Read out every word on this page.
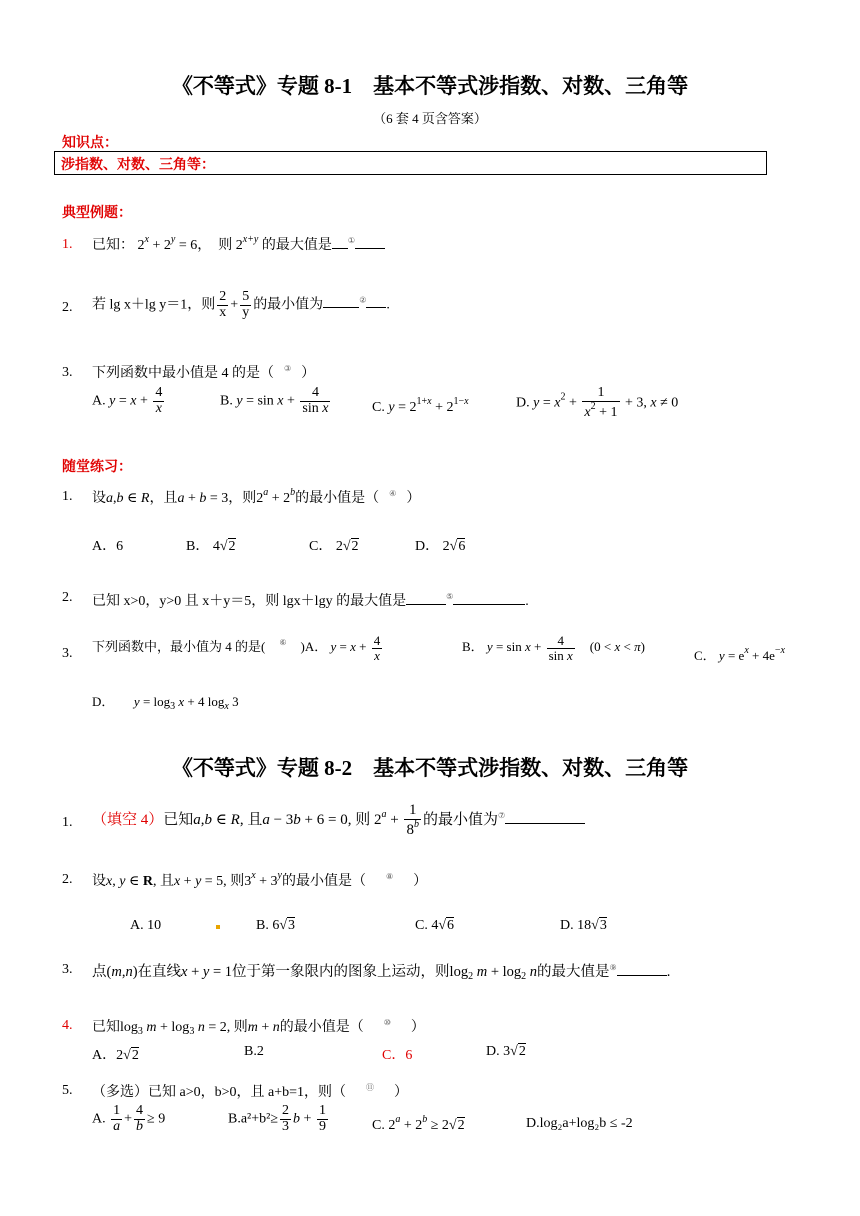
《不等式》专题 8-1　基本不等式涉指数、对数、三角等
（6 套 4 页含答案）
知识点：
涉指数、对数、三角等：
典型例题：
1. 已知： $2^x + 2^y = 6$，　则 $2^{x+y}$ 的最大值是 ①
2. 若 lg x＋lg y＝1，则 $\frac{2}{x} + \frac{5}{y}$ 的最小值为	② .
3. 下列函数中最小值是 4 的是（ ③ ）
A. $y = x + \frac{4}{x}$	B. $y = \sin x + \frac{4}{\text{sin x}}$	C. $y = 2^{1+x} + 2^{1-x}$	D. $y = x^2 + \frac{1}{x^2 + 1} + 3$, x ≠ 0
随堂练习：
1. 设a,b ∈ R，且a + b = 3，则$2^a + 2^b$的最小值是（ ④ ）
A．6	B． 4√2	C． 2√2	D． 2√6
2. 已知 x>0，y>0 且 x＋y＝5，则 lgx＋lgy 的最大值是	⑤	.
3. 下列函数中，最小值为 4 的是( ⑥ )A． $y = x + \frac{4}{x}$	B． $y = \sin x + \frac{4}{\text{sin x}}$ 　(0 < x < π)
C． $y = e^x + 4e^{-x}$
D．　　 $y = \log_3 x + 4$ $\log_x 3$
《不等式》专题 8-2　基本不等式涉指数、对数、三角等
1. （填空 4）已知a,b ∈ R, 且a − 3b + 6 = 0, 则 $2^a + \frac{1}{8^b}$ 的最小值为⑦
2. 设x, y ∈ R, 且x + y = 5, 则$3^x + 3^y$的最小值是（	⑧ ）
A. 10	B. 6√3	C. 4√6	D. 18√3
3. 点(m,n)在直线x + y = 1位于第一象限内的图象上运动，则$\log_2 m + \log_2 n$的最大值是⑨	.
4. 已知$\log_3 m + \log_3 n = 2$, 则m + n的最小值是（	⑩ ）
A．2√2	B.2	C．6	D. 3√2
5. （多选）已知 a>0，b>0，且 a+b=1，则（	⑪ ）
A. $\frac{1}{a} + \frac{4}{b} \ge 9$	$B.a^2+b^2\ge \frac{2}{3}$ $b + \frac{1}{9}$	C. $2^a + 2^b \ge 2√2$	D.log₂a+log₂b ≤ -2
